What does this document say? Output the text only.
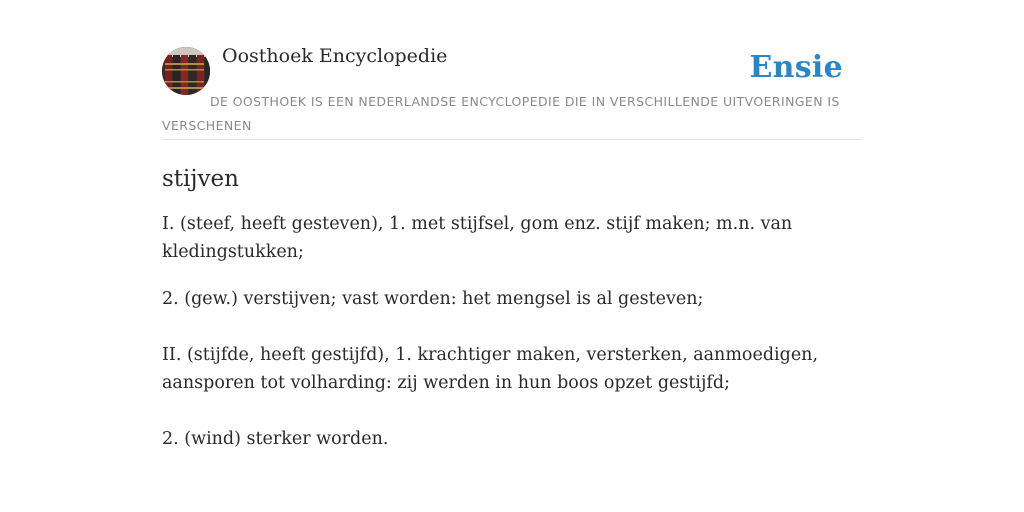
Oosthoek Encyclopedie	Ensie
DE OOSTHOEK IS EEN NEDERLANDSE ENCYCLOPEDIE DIE IN VERSCHILLENDE UITVOERINGEN IS VERSCHENEN
stijven

I. (steef, heeft gesteven), 1. met stijfsel, gom enz. stijf maken; m.n. van kledingstukken;

2. (gew.) verstijven; vast worden: het mengsel is al gesteven;

II. (stijfde, heeft gestijfd), 1. krachtiger maken, versterken, aanmoedigen, aansporen tot volharding: zij werden in hun boos opzet gestijfd;

2. (wind) sterker worden.
